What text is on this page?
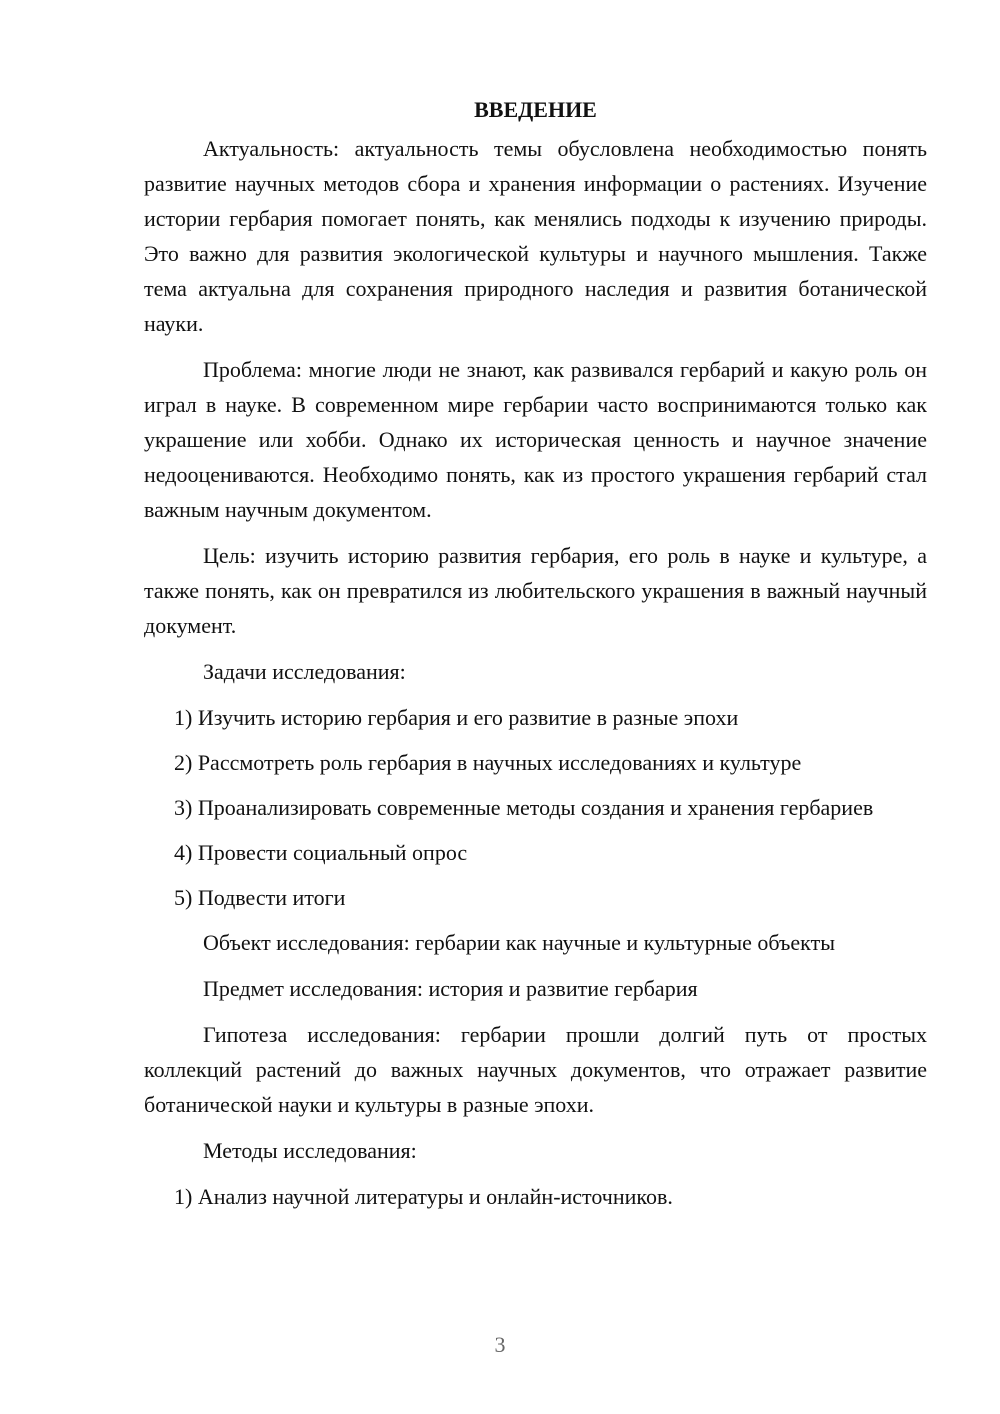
ВВЕДЕНИЕ

Актуальность: актуальность темы обусловлена необходимостью понять развитие научных методов сбора и хранения информации о растениях. Изучение истории гербария помогает понять, как менялись подходы к изучению природы. Это важно для развития экологической культуры и научного мышления. Также тема актуальна для сохранения природного наследия и развития ботанической науки.

Проблема: многие люди не знают, как развивался гербарий и какую роль он играл в науке. В современном мире гербарии часто воспринимаются только как украшение или хобби. Однако их историческая ценность и научное значение недооцениваются. Необходимо понять, как из простого украшения гербарий стал важным научным документом.

Цель: изучить историю развития гербария, его роль в науке и культуре, а также понять, как он превратился из любительского украшения в важный научный документ.

Задачи исследования:

1) Изучить историю гербария и его развитие в разные эпохи

2) Рассмотреть роль гербария в научных исследованиях и культуре

3) Проанализировать современные методы создания и хранения гербариев

4) Провести социальный опрос

5) Подвести итоги

Объект исследования: гербарии как научные и культурные объекты

Предмет исследования: история и развитие гербария

Гипотеза исследования: гербарии прошли долгий путь от простых коллекций растений до важных научных документов, что отражает развитие ботанической науки и культуры в разные эпохи.

Методы исследования:

1) Анализ научной литературы и онлайн-источников.

3
